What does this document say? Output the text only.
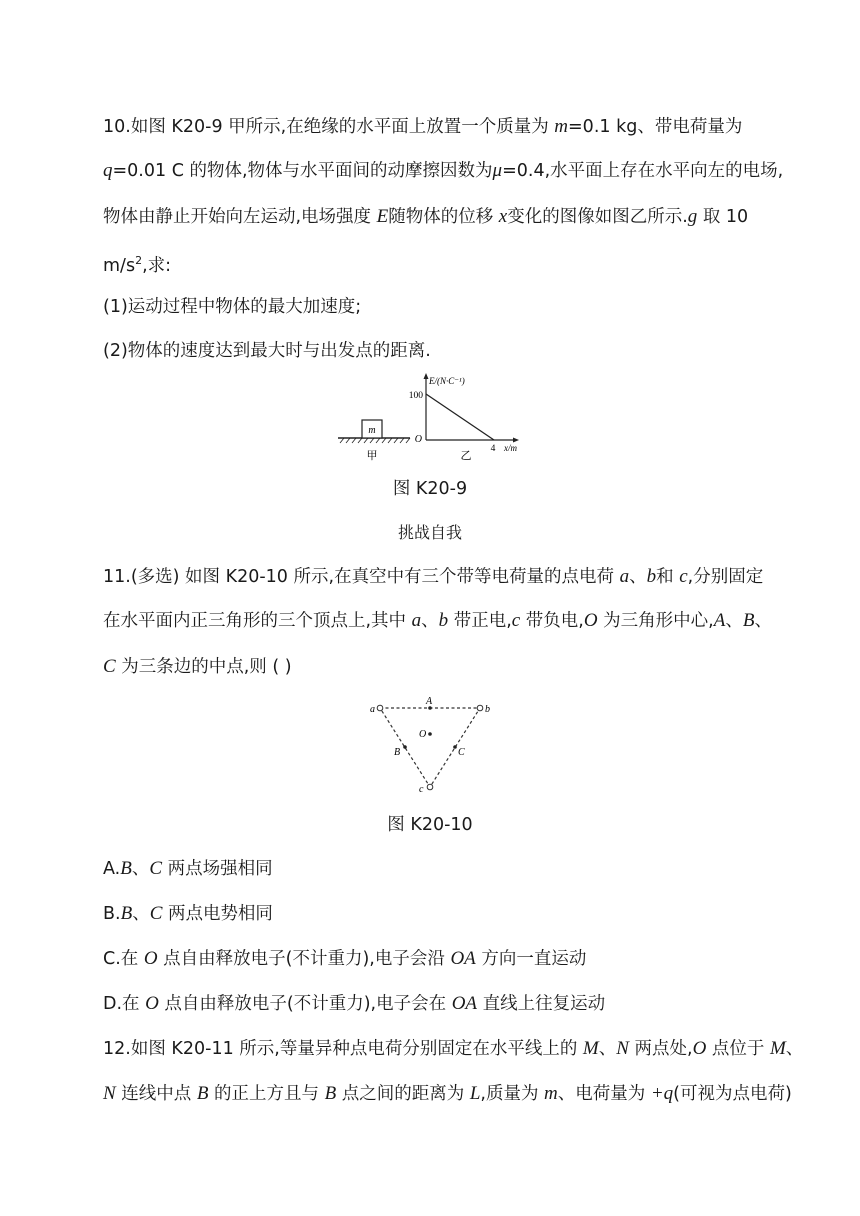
10.如图 K20-9 甲所示,在绝缘的水平面上放置一个质量为 m=0.1 kg、带电荷量为
q=0.01 C 的物体,物体与水平面间的动摩擦因数为μ=0.4,水平面上存在水平向左的电场,
物体由静止开始向左运动,电场强度 E随物体的位移 x变化的图像如图乙所示.g 取 10
$m/s^2$,求:
(1)运动过程中物体的最大加速度;
(2)物体的速度达到最大时与出发点的距离.
m
甲
E/(N·C⁻¹)
100
O
4 x/m
乙
图 K20-9
挑战自我
11.(多选) 如图 K20-10 所示,在真空中有三个带等电荷量的点电荷 a、b和 c,分别固定
在水平面内正三角形的三个顶点上,其中 a、b 带正电,c 带负电,O 为三角形中心,A、B、
C 为三条边的中点,则 ( )
a	b
c
A
B	C
O
图 K20-10
A.B、C 两点场强相同
B.B、C 两点电势相同
C.在 O 点自由释放电子(不计重力),电子会沿 OA 方向一直运动
D.在 O 点自由释放电子(不计重力),电子会在 OA 直线上往复运动
12.如图 K20-11 所示,等量异种点电荷分别固定在水平线上的 M、N 两点处,O 点位于 M、
N 连线中点 B 的正上方且与 B 点之间的距离为 L,质量为 m、电荷量为 +q(可视为点电荷)
